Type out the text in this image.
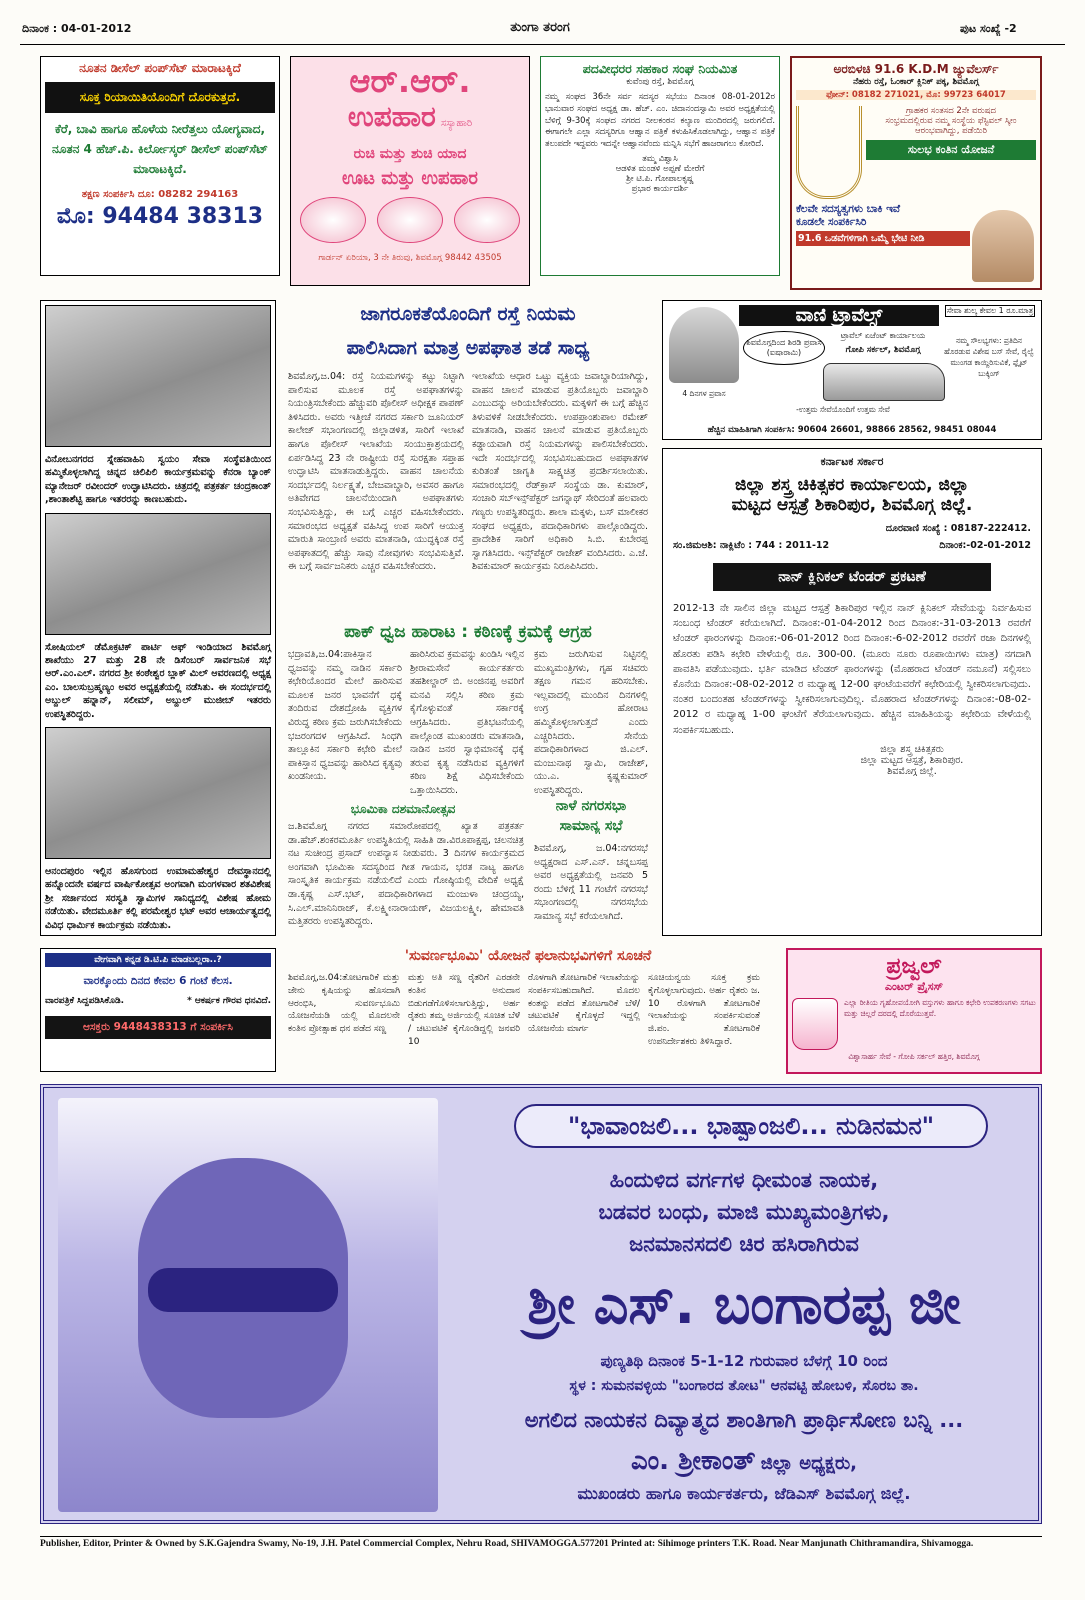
ದಿನಾಂಕ : 04-01-2012	ತುಂಗಾ ತರಂಗ	ಪುಟ ಸಂಖ್ಯೆ -2
ನೂತನ ಡೀಸೆಲ್ ಪಂಪ್‌ಸೆಟ್ ಮಾರಾಟಕ್ಕಿದೆ
ಸೂಕ್ತ ರಿಯಾಯಿತಿಯೊಂದಿಗೆ ದೊರಕುತ್ತದೆ.
ಕೆರೆ, ಬಾವಿ ಹಾಗೂ ಹೊಳೆಯ ನೀರೆತ್ತಲು ಯೋಗ್ಯವಾದ, ನೂತನ 4 ಹೆಚ್.ಪಿ. ಕಿರ್ಲೋಸ್ಕರ್ ಡೀಸೆಲ್ ಪಂಪ್‌ಸೆಟ್ ಮಾರಾಟಕ್ಕಿದೆ.
ತಕ್ಷಣ ಸಂಪರ್ಕಿಸಿ ದೂ: 08282 294163
ಮೊ: 94484 38313
ಆರ್.ಆರ್.
ಉಪಹಾರ ಸಸ್ಯಾಹಾರಿ
ರುಚಿ ಮತ್ತು ಶುಚಿ ಯಾದ
ಊಟ ಮತ್ತು ಉಪಹಾರ
ಗಾರ್ಡನ್ ಏರಿಯಾ, 3 ನೇ ತಿರುವು, ಶಿವಮೊಗ್ಗ 98442 43505
ಪದವೀಧರರ ಸಹಕಾರ ಸಂಘ ನಿಯಮಿತ
ಕುವೆಂಪು ರಸ್ತೆ, ಶಿವಮೊಗ್ಗ
ನಮ್ಮ ಸಂಘದ 36ನೇ ಸರ್ವ ಸದಸ್ಯರ ಸಭೆಯು ದಿನಾಂಕ 08-01-2012ರ ಭಾನುವಾರ ಸಂಘದ ಅಧ್ಯಕ್ಷ ಡಾ. ಹೆಚ್. ಎಂ. ಚಿದಾನಂದಸ್ವಾಮಿ ಅವರ ಅಧ್ಯಕ್ಷತೆಯಲ್ಲಿ ಬೆಳಿಗ್ಗೆ 9-30ಕ್ಕೆ ಸಂಘದ ನಗರದ ನೀಲಕಂಠನ ಕಲ್ಯಾಣ ಮಂದಿರದಲ್ಲಿ ಜರುಗಲಿದೆ. ಈಗಾಗಲೇ ಎಲ್ಲಾ ಸದಸ್ಯರಿಗೂ ಆಹ್ವಾನ ಪತ್ರಿಕೆ ಕಳುಹಿಸಿಕೊಡಲಾಗಿದ್ದು, ಆಹ್ವಾನ ಪತ್ರಿಕೆ ತಲುಪದೇ ಇದ್ದವರು ಇದನ್ನೇ ಆಹ್ವಾನವೆಂದು ಮನ್ನಿಸಿ ಸಭೆಗೆ ಹಾಜರಾಗಲು ಕೋರಿದೆ.
ತಮ್ಮ ವಿಶ್ವಾಸಿ
ಆಡಳಿತ ಮಂಡಳಿ ಅಪ್ಪಣೆ ಮೇರೆಗೆ
ಶ್ರೀ ಟಿ.ಪಿ. ಗೋಪಾಲಕೃಷ್ಣ
ಪ್ರಭಾರ ಕಾರ್ಯದರ್ಶಿ
ಅರಬಿಳಚಿ 91.6 K.D.M ಜ್ಯುವೆಲರ್ಸ್
ನೆಹರು ರಸ್ತೆ, ಓಂಕಾರ್ ಕ್ಲಿನಿಕ್ ಪಕ್ಕ, ಶಿವಮೊಗ್ಗ
ಫೋನ್: 08182 271021, ಮೊ: 99723 64017
ಗ್ರಾಹಕರ ಸಂತಸದ 2ನೇ ವರುಷದ
ಸಂಭ್ರಮದಲ್ಲಿರುವ ನಮ್ಮ ಸಂಸ್ಥೆಯ ಫೆಸ್ಟಿವಲ್ ಸ್ಕೀಂ ಆರಂಭವಾಗಿದ್ದು, ಪಡೆಯಿರಿ
ಸುಲಭ ಕಂತಿನ ಯೋಜನೆ
ಕೆಲವೇ ಸದಸ್ಯತ್ವಗಳು ಬಾಕಿ ಇವೆ
ಕೂಡಲೇ ಸಂಪರ್ಕಿಸಿರಿ
91.6 ಒಡವೆಗಳಿಗಾಗಿ ಒಮ್ಮೆ ಭೇಟಿ ನೀಡಿ
ವಿನೋಬನಗರದ ಸ್ನೇಹವಾಹಿನಿ ಸ್ವಯಂ ಸೇವಾ ಸಂಸ್ಥೆವತಿಯಿಂದ ಹಮ್ಮಿಕೊಳ್ಳಲಾಗಿದ್ದ ಚಿನ್ನದ ಚಿಲಿಪಿಲಿ ಕಾರ್ಯಕ್ರಮವನ್ನು ಕೆನರಾ ಬ್ಯಾಂಕ್ ಮ್ಯಾನೇಜರ್ ರವೀಂದರ್ ಉದ್ಘಾಟಿಸಿದರು. ಚಿತ್ರದಲ್ಲಿ ಪತ್ರಕರ್ತ ಚಂದ್ರಕಾಂತ್ ,ಶಾಂತಾಶೆಟ್ಟಿ ಹಾಗೂ ಇತರರನ್ನು ಕಾಣಬಹುದು.
ಸೋಷಿಯಲ್ ಡೆಮೊಕ್ರಟಿಕ್ ಪಾರ್ಟಿ ಆಫ್ ಇಂಡಿಯಾದ ಶಿವಮೊಗ್ಗ ಶಾಖೆಯು 27 ಮತ್ತು 28 ನೇ ಡಿಸೆಂಬರ್ ಸಾರ್ವಜನಿಕ ಸಭೆ ಆರ್.ಎಂ.ಎಲ್. ನಗರದ ಶ್ರೀ ಕಂಠೇಶ್ವರ ಬ್ಲಾಕ್ ಮಿಲ್ ಆವರಣದಲ್ಲಿ ಅಧ್ಯಕ್ಷ ಎಂ. ಬಾಲಸುಬ್ರಹ್ಮಣ್ಯಂ ಅವರ ಅಧ್ಯಕ್ಷತೆಯಲ್ಲಿ ನಡೆಸಿತು. ಈ ಸಂದರ್ಭದಲ್ಲಿ ಅಬ್ದುಲ್ ಹನ್ನಾನ್, ಸಲೀಮ್, ಅಬ್ದುಲ್ ಮುಜೀಬ್ ಇತರರು ಉಪಸ್ಥಿತರಿದ್ದರು.
ಆನಂದಪುರಂ ಇಲ್ಲಿನ ಹೊಸಗುಂದ ಉಮಾಮಹೇಶ್ವರ ದೇವಸ್ಥಾನದಲ್ಲಿ ಹನ್ನೊಂದನೇ ವರ್ಷದ ವಾರ್ಷಿಕೋತ್ಸವ ಅಂಗವಾಗಿ ಮಂಗಳವಾರ ಶತವಿಶೇಷ ಶ್ರೀ ಸರ್ಜಾನಂದ ಸರಸ್ವತಿ ಸ್ವಾಮಿಗಳ ಸಾನಿಧ್ಯದಲ್ಲಿ ವಿಶೇಷ ಹೋಮ ನಡೆಯಿತು. ವೇದಮೂರ್ತಿ ಕಲ್ಲಿ ಪರಮೇಶ್ವರ ಭಟ್ ಅವರ ಆಚಾರ್ಯತ್ವದಲ್ಲಿ ವಿವಿಧ ಧಾರ್ಮಿಕ ಕಾರ್ಯಕ್ರಮ ನಡೆಯಿತು.
ಜಾಗರೂಕತೆಯೊಂದಿಗೆ ರಸ್ತೆ ನಿಯಮ
ಪಾಲಿಸಿದಾಗ ಮಾತ್ರ ಅಪಘಾತ ತಡೆ ಸಾಧ್ಯ
ಶಿವಮೊಗ್ಗ,ಜ.04: ರಸ್ತೆ ನಿಯಮಗಳನ್ನು ಕಟ್ಟು ನಿಟ್ಟಾಗಿ ಪಾಲಿಸುವ ಮೂಲಕ ರಸ್ತೆ ಅಪಘಾತಗಳನ್ನು ನಿಯಂತ್ರಿಸಬೇಕೆಂದು ಹೆಚ್ಚುವರಿ ಪೊಲೀಸ್ ಅಧೀಕ್ಷಕ ಪಾಪಣ್ ತಿಳಿಸಿದರು. ಅವರು ಇತ್ತೀಚೆ ನಗರದ ಸರ್ಕಾರಿ ಜೂನಿಯರ್ ಕಾಲೇಜ್ ಸಭಾಂಗಣದಲ್ಲಿ ಜಿಲ್ಲಾಡಳಿತ, ಸಾರಿಗೆ ಇಲಾಖೆ ಹಾಗೂ ಪೊಲೀಸ್ ಇಲಾಖೆಯ ಸಂಯುಕ್ತಾಶ್ರಯದಲ್ಲಿ ಏರ್ಪಡಿಸಿದ್ದ 23 ನೇ ರಾಷ್ಟ್ರೀಯ ರಸ್ತೆ ಸುರಕ್ಷತಾ ಸಪ್ತಾಹ ಉದ್ಘಾಟಿಸಿ ಮಾತನಾಡುತ್ತಿದ್ದರು. ವಾಹನ ಚಾಲನೆಯ ಸಂದರ್ಭದಲ್ಲಿ ನಿರ್ಲಕ್ಷ್ಯತೆ, ಬೇಜವಾಬ್ದಾರಿ, ಅವಸರ ಹಾಗೂ ಅತಿವೇಗದ ಚಾಲನೆಯಿಂದಾಗಿ ಅಪಘಾತಗಳು ಸಂಭವಿಸುತ್ತಿದ್ದು, ಈ ಬಗ್ಗೆ ಎಚ್ಚರ ವಹಿಸಬೇಕೆಂದರು. ಸಮಾರಂಭದ ಅಧ್ಯಕ್ಷತೆ ವಹಿಸಿದ್ದ ಉಪ ಸಾರಿಗೆ ಆಯುಕ್ತ ಮಾರುತಿ ಸಾಂಬ್ರಾಣಿ ಅವರು ಮಾತನಾಡಿ, ಯುದ್ಧಕ್ಕಿಂತ ರಸ್ತೆ ಅಪಘಾತದಲ್ಲಿ ಹೆಚ್ಚು ಸಾವು ನೋವುಗಳು ಸಂಭವಿಸುತ್ತಿವೆ. ಈ ಬಗ್ಗೆ ಸಾರ್ವಜನಿಕರು ಎಚ್ಚರ ವಹಿಸಬೇಕೆಂದರು.
ಇಲಾಖೆಯ ಆಧಾರ ಒಟ್ಟು ವ್ಯಕ್ತಿಯ ಜವಾಬ್ದಾರಿಯಾಗಿದ್ದು, ವಾಹನ ಚಾಲನೆ ಮಾಡುವ ಪ್ರತಿಯೊಬ್ಬರು ಜವಾಬ್ದಾರಿ ಎಂಬುದನ್ನು ಅರಿಯಬೇಕೆಂದರು. ಮಕ್ಕಳಿಗೆ ಈ ಬಗ್ಗೆ ಹೆಚ್ಚಿನ ತಿಳುವಳಿಕೆ ನೀಡಬೇಕೆಂದರು. ಉಪಪ್ರಾಂಶುಪಾಲ ರಮೇಶ್ ಮಾತನಾಡಿ, ವಾಹನ ಚಾಲನೆ ಮಾಡುವ ಪ್ರತಿಯೊಬ್ಬರು ಕಡ್ಡಾಯವಾಗಿ ರಸ್ತೆ ನಿಯಮಗಳನ್ನು ಪಾಲಿಸಬೇಕೆಂದರು. ಇದೇ ಸಂದರ್ಭದಲ್ಲಿ ಸಂಭವಿಸಬಹುದಾದ ಅಪಘಾತಗಳ ಕುರಿತಂತೆ ಜಾಗೃತಿ ಸಾಕ್ಷ್ಯಚಿತ್ರ ಪ್ರದರ್ಶಿಸಲಾಯಿತು. ಸಮಾರಂಭದಲ್ಲಿ ರೆಡ್‌ಕ್ರಾಸ್ ಸಂಸ್ಥೆಯ ಡಾ. ಕುಮಾರ್, ಸಂಚಾರಿ ಸಬ್‌ಇನ್ಸ್‌ಪೆಕ್ಟರ್ ಜಗನ್ನಾಥ್ ಸೇರಿದಂತೆ ಹಲವಾರು ಗಣ್ಯರು ಉಪಸ್ಥಿತರಿದ್ದರು. ಶಾಲಾ ಮಕ್ಕಳು, ಬಸ್ ಮಾಲೀಕರ ಸಂಘದ ಅಧ್ಯಕ್ಷರು, ಪದಾಧಿಕಾರಿಗಳು ಪಾಲ್ಗೊಂಡಿದ್ದರು. ಪ್ರಾದೇಶಿಕ ಸಾರಿಗೆ ಅಧಿಕಾರಿ ಸಿ.ಬಿ. ಕುಬೇರಪ್ಪ ಸ್ವಾಗತಿಸಿದರು. ಇನ್ಸ್‌ಪೆಕ್ಟರ್ ರಾಜೇಶ್ ವಂದಿಸಿದರು. ಎ.ಜೆ. ಶಿವಕುಮಾರ್ ಕಾರ್ಯಕ್ರಮ ನಿರೂಪಿಸಿದರು.
ಪಾಕ್ ಧ್ವಜ ಹಾರಾಟ : ಕಠಿಣಕ್ಕೆ ಕ್ರಮಕ್ಕೆ ಆಗ್ರಹ
ಭದ್ರಾವತಿ,ಜ.04:ಪಾಕಿಸ್ತಾನ ಧ್ವಜವನ್ನು ನಮ್ಮ ನಾಡಿನ ಸರ್ಕಾರಿ ಕಛೇರಿಯೊಂದರ ಮೇಲೆ ಹಾರಿಸುವ ಮೂಲಕ ಜನರ ಭಾವನೆಗೆ ಧಕ್ಕೆ ತಂದಿರುವ ದೇಶದ್ರೋಹಿ ವ್ಯಕ್ತಿಗಳ ವಿರುದ್ಧ ಕಠಿಣ ಕ್ರಮ ಜರುಗಿಸಬೇಕೆಂದು ಭಜರಂಗದಳ ಆಗ್ರಹಿಸಿದೆ. ಸಿಂಧಗಿ ತಾಲ್ಲೂಕಿನ ಸರ್ಕಾರಿ ಕಛೇರಿ ಮೇಲೆ ಪಾಕಿಸ್ತಾನ ಧ್ವಜವನ್ನು ಹಾರಿಸಿದ ಕೃತ್ಯವು ಖಂಡನೀಯ.
ಹಾರಿಸಿರುವ ಕ್ರಮವನ್ನು ಖಂಡಿಸಿ ಇಲ್ಲಿನ ಶ್ರೀರಾಮಸೇನೆ ಕಾರ್ಯಕರ್ತರು ತಹಶೀಲ್ದಾರ್ ಬಿ. ಅಂಜಿನಪ್ಪ ಅವರಿಗೆ ಮನವಿ ಸಲ್ಲಿಸಿ ಕಠಿಣ ಕ್ರಮ ಕೈಗೊಳ್ಳುವಂತೆ ಸರ್ಕಾರಕ್ಕೆ ಆಗ್ರಹಿಸಿದರು. ಪ್ರತಿಭಟನೆಯಲ್ಲಿ ಪಾಲ್ಗೊಂಡ ಮುಖಂಡರು ಮಾತನಾಡಿ, ನಾಡಿನ ಜನರ ಸ್ವಾಭಿಮಾನಕ್ಕೆ ಧಕ್ಕೆ ತರುವ ಕೃತ್ಯ ನಡೆಸಿರುವ ವ್ಯಕ್ತಿಗಳಿಗೆ ಕಠಿಣ ಶಿಕ್ಷೆ ವಿಧಿಸಬೇಕೆಂದು ಒತ್ತಾಯಿಸಿದರು.
ಕ್ರಮ ಜರುಗಿಸುವ ನಿಟ್ಟಿನಲ್ಲಿ ಮುಖ್ಯಮಂತ್ರಿಗಳು, ಗೃಹ ಸಚಿವರು ತಕ್ಷಣ ಗಮನ ಹರಿಸಬೇಕು. ಇಲ್ಲವಾದಲ್ಲಿ ಮುಂದಿನ ದಿನಗಳಲ್ಲಿ ಉಗ್ರ ಹೋರಾಟ ಹಮ್ಮಿಕೊಳ್ಳಲಾಗುತ್ತದೆ ಎಂದು ಎಚ್ಚರಿಸಿದರು. ಸೇನೆಯ ಪದಾಧಿಕಾರಿಗಳಾದ ಜಿ.ಎಲ್. ಮಂಜುನಾಥ ಸ್ವಾಮಿ, ರಾಜೇಶ್, ಯು.ಎ. ಕೃಷ್ಣಕುಮಾರ್ ಉಪಸ್ಥಿತರಿದ್ದರು.
ಭೂಮಿಕಾ ದಶಮಾನೋತ್ಸವ
ಜ.ಶಿವಮೊಗ್ಗ ನಗರದ ಸಮಾರೋಪದಲ್ಲಿ ಖ್ಯಾತ ಪತ್ರಕರ್ತ ಡಾ.ಹೆಚ್.ಶಂಕರಮೂರ್ತಿ ಉಪಸ್ಥಿತಿಯಲ್ಲಿ ಸಾಹಿತಿ ಡಾ.ವಿರೂಪಾಕ್ಷಪ್ಪ, ಚಲನಚಿತ್ರ ನಟ ಸುಚೀಂದ್ರ ಪ್ರಸಾದ್ ಉಪನ್ಯಾಸ ನೀಡುವರು. 3 ದಿನಗಳ ಕಾರ್ಯಕ್ರಮದ ಅಂಗವಾಗಿ ಭೂಮಿಕಾ ಸದಸ್ಯರಿಂದ ಗೀತ ಗಾಯನ, ಭರತ ನಾಟ್ಯ ಹಾಗೂ ಸಾಂಸ್ಕೃತಿಕ ಕಾರ್ಯಕ್ರಮ ನಡೆಯಲಿದೆ ಎಂದು ಗೋಷ್ಠಿಯಲ್ಲಿ ವೇದಿಕೆ ಅಧ್ಯಕ್ಷೆ ಡಾ.ಕೃಷ್ಣ ಎಸ್.ಭಟ್, ಪದಾಧಿಕಾರಿಗಳಾದ ಮಂಜುಳಾ ಚಂದ್ರಯ್ಯ, ಸಿ.ಎಲ್.ಮಾನಿನಿರಾಜ್, ಕೆ.ಲಕ್ಷ್ಮೀನಾರಾಯಣ್, ವಿಜಯಲಕ್ಷ್ಮೀ, ಹೇಮಾವತಿ ಮತ್ತಿತರರು ಉಪಸ್ಥಿತರಿದ್ದರು.
ನಾಳೆ ನಗರಸಭಾ
ಸಾಮಾನ್ಯ ಸಭೆ
ಶಿವಮೊಗ್ಗ, ಜ.04:ನಗರಸಭೆ ಅಧ್ಯಕ್ಷರಾದ ಎಸ್.ಎನ್. ಚನ್ನಬಸಪ್ಪ ಅವರ ಅಧ್ಯಕ್ಷತೆಯಲ್ಲಿ ಜನವರಿ 5 ರಂದು ಬೆಳಿಗ್ಗೆ 11 ಗಂಟೆಗೆ ನಗರಸಭೆ ಸಭಾಂಗಣದಲ್ಲಿ ನಗರಸಭೆಯ ಸಾಮಾನ್ಯ ಸಭೆ ಕರೆಯಲಾಗಿದೆ.
ಶಿವಮೊಗ್ಗದಿಂದ ಶಿರಡಿ ಪ್ರವಾಸ (ಐಷಾರಾಮಿ)
ವಾಣಿ ಟ್ರಾವೆಲ್ಸ್	ಸೇವಾ ಶುಲ್ಕ ಕೇವಲ 1 ರೂ.ಮಾತ್ರ
ಟ್ರಾವೆಲ್ ಏಜೆಂಟ್ ಕಾರ್ಯಾಲಯ
ಗೋಪಿ ಸರ್ಕಲ್, ಶಿವಮೊಗ್ಗ
ನಮ್ಮ ಸೌಲಭ್ಯಗಳು: ಪ್ರತಿದಿನ ಹೊರಡುವ ವಿಶೇಷ ಬಸ್ ಸೇವೆ, ರೈಲ್ವೆ ಮುಂಗಡ ಕಾಯ್ದಿರಿಸುವಿಕೆ, ಫ್ಲೈಟ್ ಬುಕ್ಕಿಂಗ್
4 ದಿನಗಳ ಪ್ರವಾಸ
-ಉತ್ತಮ ಸೇವೆಯೊಂದಿಗೆ ಉತ್ತಮ ಸೇವೆ
ಹೆಚ್ಚಿನ ಮಾಹಿತಿಗಾಗಿ ಸಂಪರ್ಕಿಸಿ: 90604 26601, 98866 28562, 98451 08044
ಕರ್ನಾಟಕ ಸರ್ಕಾರ
ಜಿಲ್ಲಾ ಶಸ್ತ್ರ ಚಿಕಿತ್ಸಕರ ಕಾರ್ಯಾಲಯ, ಜಿಲ್ಲಾ
ಮಟ್ಟದ ಆಸ್ಪತ್ರೆ ಶಿಕಾರಿಪುರ, ಶಿವಮೊಗ್ಗ ಜಿಲ್ಲೆ.
ದೂರವಾಣಿ ಸಂಖ್ಯೆ : 08187-222412.
ಸಂ.ಜಿಮಆಶಿ: ನಾಕ್ಲಿಟೆಂ : 744 : 2011-12	ದಿನಾಂಕ:-02-01-2012
ನಾನ್ ಕ್ಲಿನಿಕಲ್ ಟೆಂಡರ್ ಪ್ರಕಟಣೆ
2012-13 ನೇ ಸಾಲಿನ ಜಿಲ್ಲಾ ಮಟ್ಟದ ಆಸ್ಪತ್ರೆ ಶಿಕಾರಿಪುರ ಇಲ್ಲಿನ ನಾನ್ ಕ್ಲಿನಿಕಲ್ ಸೇವೆಯನ್ನು ನಿರ್ವಹಿಸುವ ಸಂಬಂಧ ಟೆಂಡರ್ ಕರೆಯಲಾಗಿದೆ. ದಿನಾಂಕ:-01-04-2012 ರಿಂದ ದಿನಾಂಕ:-31-03-2013 ರವರೆಗೆ ಟೆಂಡರ್ ಫಾರಂಗಳನ್ನು ದಿನಾಂಕ:-06-01-2012 ರಿಂದ ದಿನಾಂಕ:-6-02-2012 ರವರೆಗೆ ರಜಾ ದಿನಗಳಲ್ಲಿ ಹೊರತು ಪಡಿಸಿ ಕಛೇರಿ ವೇಳೆಯಲ್ಲಿ ರೂ. 300-00. (ಮೂರು ನೂರು ರೂಪಾಯಿಗಳು ಮಾತ್ರ) ನಗದಾಗಿ ಪಾವತಿಸಿ ಪಡೆಯುವುದು. ಭರ್ತಿ ಮಾಡಿದ ಟೆಂಡರ್ ಫಾರಂಗಳನ್ನು (ಮೊಹರಾದ ಟೆಂಡರ್ ನಮೂನೆ) ಸಲ್ಲಿಸಲು ಕೊನೆಯ ದಿನಾಂಕ:-08-02-2012 ರ ಮಧ್ಯಾಹ್ನ 12-00 ಘಂಟೆಯವರೆಗೆ ಕಛೇರಿಯಲ್ಲಿ ಸ್ವೀಕರಿಸಲಾಗುವುದು. ನಂತರ ಬಂದಂತಹ ಟೆಂಡರ್‌ಗಳನ್ನು ಸ್ವೀಕರಿಸಲಾಗುವುದಿಲ್ಲ. ಮೊಹರಾದ ಟೆಂಡರ್‌ಗಳನ್ನು ದಿನಾಂಕ:-08-02-2012 ರ ಮಧ್ಯಾಹ್ನ 1-00 ಘಂಟೆಗೆ ತೆರೆಯಲಾಗುವುದು. ಹೆಚ್ಚಿನ ಮಾಹಿತಿಯನ್ನು ಕಛೇರಿಯ ವೇಳೆಯಲ್ಲಿ ಸಂಪರ್ಕಿಸಬಹುದು.
ಜಿಲ್ಲಾ ಶಸ್ತ್ರ ಚಿಕಿತ್ಸಕರು
ಜಿಲ್ಲಾ ಮಟ್ಟದ ಆಸ್ಪತ್ರೆ, ಶಿಕಾರಿಪುರ.
ಶಿವಮೊಗ್ಗ ಜಿಲ್ಲೆ.
ವೇಗವಾಗಿ ಕನ್ನಡ ಡಿ.ಟಿ.ಪಿ ಮಾಡಬಲ್ಲರಾ..?
ವಾರಕ್ಕೊಂದು ದಿನದ ಕೇವಲ 6 ಗಂಟೆ ಕೆಲಸ.
ವಾರಪತ್ರಿಕೆ ಸಿದ್ದಪಡಿಸಿಕೊಡಿ.	* ಆಕರ್ಷಕ ಗೌರವ ಧನವಿದೆ.
ಆಸಕ್ತರು 9448438313 ಗೆ ಸಂಪರ್ಕಿಸಿ
'ಸುವರ್ಣಭೂಮಿ' ಯೋಜನೆ ಫಲಾನುಭವಿಗಳಿಗೆ ಸೂಚನೆ
ಶಿವಮೊಗ್ಗ,ಜ.04:ತೋಟಗಾರಿಕೆ ಮತ್ತು ಜೇನು ಕೃಷಿಯನ್ನು ಹೊಸದಾಗಿ ಆರಂಭಿಸಿ, ಸುವರ್ಣಭೂಮಿ ಯೋಜನೆಯಡಿ ಯಲ್ಲಿ ಮೊದಲನೇ ಕಂತಿನ ಪ್ರೋತ್ಸಾಹ ಧನ ಪಡೆದ ಸಣ್ಣ
ಮತ್ತು ಅತಿ ಸಣ್ಣ ರೈತರಿಗೆ ಎರಡನೇ ಕಂತಿನ ಅನುದಾನ ಬಿಡುಗಡೆಗೊಳಿಸಲಾಗುತ್ತಿದ್ದು, ಅರ್ಹ ರೈತರು ತಮ್ಮ ಅರ್ಜಿಯಲ್ಲಿ ಸೂಚಿತ ಬೆಳೆ / ಚಟುವಟಿಕೆ ಕೈಗೊಂಡಿದ್ದಲ್ಲಿ ಜನವರಿ 10
ರೊಳಗಾಗಿ ತೋಟಗಾರಿಕೆ ಇಲಾಖೆಯನ್ನು ಸಂಪರ್ಕಿಸಬಹುದಾಗಿದೆ. ಮೊದಲ ಕಂತನ್ನು ಪಡೆದ ತೋಟಗಾರಿಕೆ ಬೆಳೆ/ಚಟುವಟಿಕೆ ಕೈಗೊಳ್ಳದೆ ಇದ್ದಲ್ಲಿ ಯೋಜನೆಯ ಮಾರ್ಗ
ಸೂಚಿಯನ್ವಯ ಸೂಕ್ತ ಕ್ರಮ ಕೈಗೊಳ್ಳಲಾಗುವುದು. ಅರ್ಹ ರೈತರು ಜ. 10 ರೊಳಗಾಗಿ ತೋಟಗಾರಿಕೆ ಇಲಾಖೆಯನ್ನು ಸಂಪರ್ಕಿಸುವಂತೆ ಜಿ.ಪಂ. ತೋಟಗಾರಿಕೆ ಉಪನಿರ್ದೇಶಕರು ತಿಳಿಸಿದ್ದಾರೆ.
ಪ್ರಜ್ವಲ್
ಎಂಟರ್ ಪ್ರೈಸಸ್
ಎಲ್ಲಾ ರೀತಿಯ ಗೃಹೋಪಯೋಗಿ ವಸ್ತುಗಳು ಹಾಗೂ ಕಛೇರಿ ಉಪಕರಣಗಳು ಸಗಟು ಮತ್ತು ಚಿಲ್ಲರೆ ದರದಲ್ಲಿ ದೊರೆಯುತ್ತವೆ.
ವಿಶ್ವಾಸಾರ್ಹ ಸೇವೆ - ಗೋಪಿ ಸರ್ಕಲ್ ಹತ್ತಿರ, ಶಿವಮೊಗ್ಗ
"ಭಾವಾಂಜಲಿ... ಭಾಷ್ಪಾಂಜಲಿ... ನುಡಿನಮನ"
ಹಿಂದುಳಿದ ವರ್ಗಗಳ ಧೀಮಂತ ನಾಯಕ,
ಬಡವರ ಬಂಧು, ಮಾಜಿ ಮುಖ್ಯಮಂತ್ರಿಗಳು,
ಜನಮಾನಸದಲಿ ಚಿರ ಹಸಿರಾಗಿರುವ
ಶ್ರೀ ಎಸ್. ಬಂಗಾರಪ್ಪ ಜೀ
ಪುಣ್ಯತಿಥಿ ದಿನಾಂಕ 5-1-12 ಗುರುವಾರ ಬೆಳಗ್ಗೆ 10 ರಿಂದ
ಸ್ಥಳ : ಸುಮನವಳ್ಳಿಯ "ಬಂಗಾರದ ತೋಟ" ಆನವಟ್ಟಿ ಹೋಬಳಿ, ಸೊರಬ ತಾ.
ಅಗಲಿದ ನಾಯಕನ ದಿವ್ಯಾತ್ಮದ ಶಾಂತಿಗಾಗಿ ಪ್ರಾರ್ಥಿಸೋಣ ಬನ್ನಿ ...
ಎಂ. ಶ್ರೀಕಾಂತ್ ಜಿಲ್ಲಾ ಅಧ್ಯಕ್ಷರು,
ಮುಖಂಡರು ಹಾಗೂ ಕಾರ್ಯಕರ್ತರು, ಜೆಡಿಎಸ್ ಶಿವಮೊಗ್ಗ ಜಿಲ್ಲೆ.
Publisher, Editor, Printer & Owned by S.K.Gajendra Swamy, No-19, J.H. Patel Commercial Complex, Nehru Road, SHIVAMOGGA.577201 Printed at: Sihimoge printers T.K. Road. Near Manjunath Chithramandira, Shivamogga.
